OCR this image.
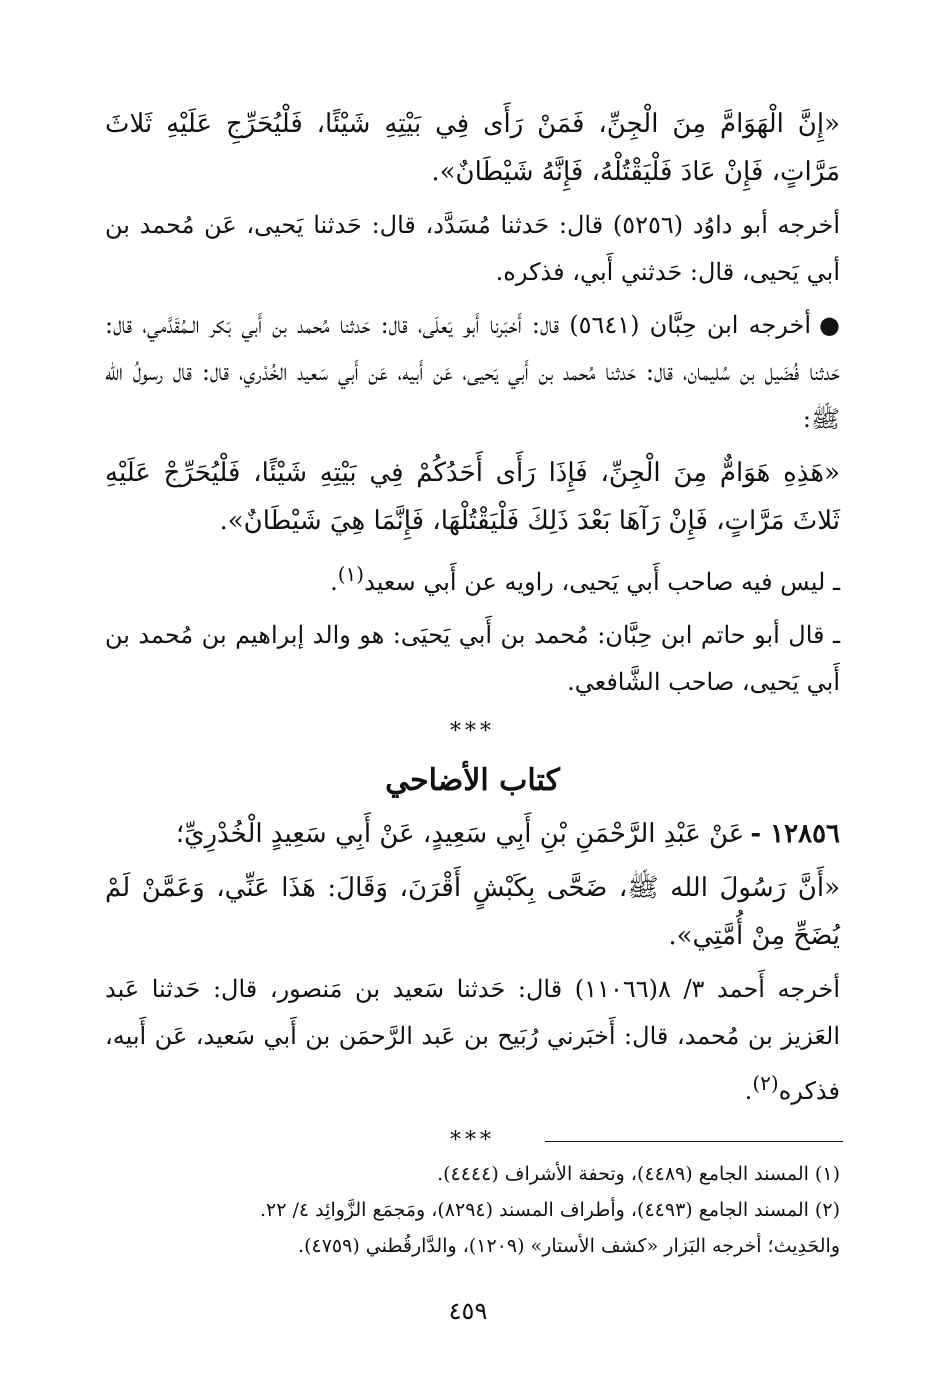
«إِنَّ الْهَوَامَّ مِنَ الْجِنِّ، فَمَنْ رَأَى فِي بَيْتِهِ شَيْئًا، فَلْيُحَرِّجِ عَلَيْهِ ثَلاثَ مَرَّاتٍ، فَإِنْ عَادَ فَلْيَقْتُلْهُ، فَإِنَّهُ شَيْطَانٌ».

أخرجه أبو داوُد (٥٢٥٦) قال: حَدثنا مُسَدَّد، قال: حَدثنا يَحيى، عَن مُحمد بن أبي يَحيى، قال: حَدثني أَبي، فذكره.

●أخرجه ابن حِبَّان (٥٦٤١) قال: أَخبَرنا أَبو يَعلَى، قال: حَدثنا مُحمد بن أَبي بَكر الـمُقَدَّمي، قال: حَدثنا فُضَيل بن سُليمان، قال: حَدثنا مُحمد بن أَبي يَحيى، عَن أَبيه، عَن أَبي سَعيد الخُدْري، قال: قال رسولُ الله ﷺ:

«هَذِهِ هَوَامٌّ مِنَ الْجِنِّ، فَإِذَا رَأَى أَحَدُكُمْ فِي بَيْتِهِ شَيْئًا، فَلْيُحَرِّجْ عَلَيْهِ ثَلاثَ مَرَّاتٍ، فَإِنْ رَآهَا بَعْدَ ذَلِكَ فَلْيَقْتُلْهَا، فَإِنَّمَا هِيَ شَيْطَانٌ».

ـ ليس فيه صاحب أَبي يَحيى، راويه عن أَبي سعيد$^{(١)}$.

ـ قال أبو حاتم ابن حِبَّان: مُحمد بن أَبي يَحيَى: هو والد إبراهيم بن مُحمد بن أَبي يَحيى، صاحب الشَّافعي.

***

كتاب الأضاحي

١٢٨٥٦ -عَنْ عَبْدِ الرَّحْمَنِ بْنِ أَبِي سَعِيدٍ، عَنْ أَبِي سَعِيدٍ الْخُدْرِيِّ؛

«أَنَّ رَسُولَ الله ﷺ، ضَحَّى بِكَبْشٍ أَقْرَنَ، وَقَالَ: هَذَا عَنِّي، وَعَمَّنْ لَمْ يُضَحِّ مِنْ أُمَّتِي».

أخرجه أَحمد ٣/ ٨(١١٠٦٦) قال: حَدثنا سَعيد بن مَنصور، قال: حَدثنا عَبد العَزيز بن مُحمد، قال: أَخبَرني رُبَيح بن عَبد الرَّحمَن بن أَبي سَعيد، عَن أَبيه، فذكره$^{(٢)}$.

***

(١) المسند الجامع (٤٤٨٩)، وتحفة الأشراف (٤٤٤٤).

(٢) المسند الجامع (٤٤٩٣)، وأطراف المسند (٨٢٩٤)، ومَجمَع الزَّوائِد ٤/ ٢٢.

والحَدِيث؛ أخرجه البَزار «كشف الأستار» (١٢٠٩)، والدَّارقُطني (٤٧٥٩).

٤٥٩
